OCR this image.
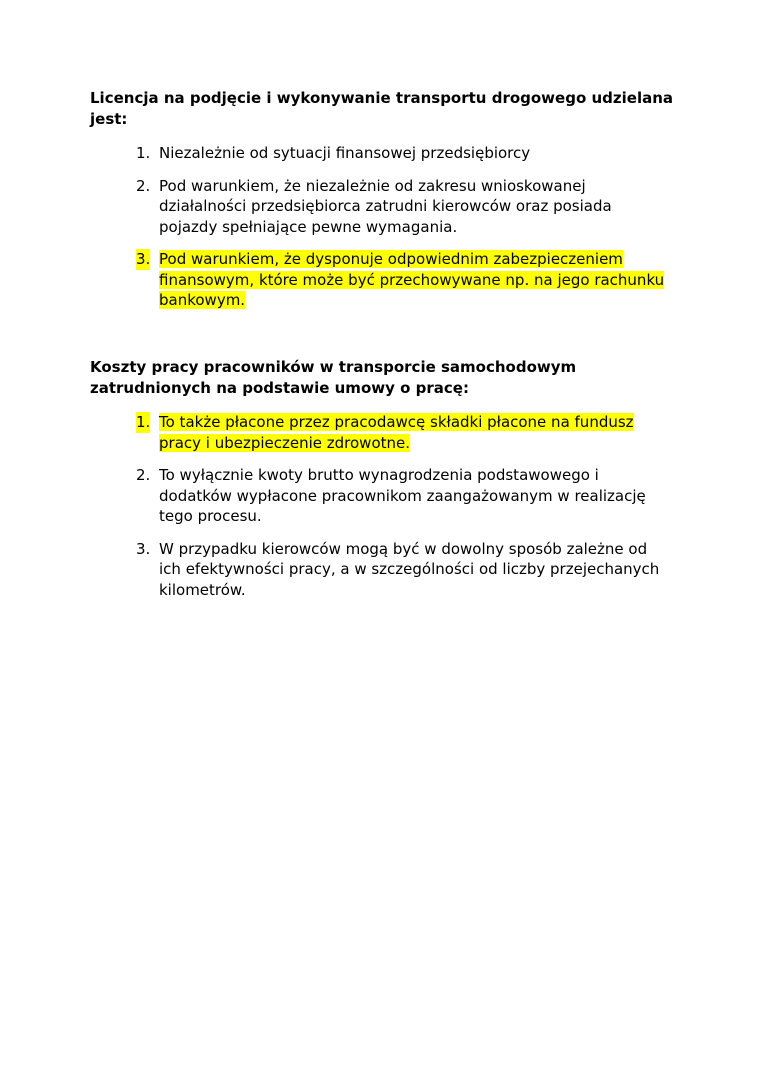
Licencja na podjęcie i wykonywanie transportu drogowego udzielana jest:
1. Niezależnie od sytuacji finansowej przedsiębiorcy
2. Pod warunkiem, że niezależnie od zakresu wnioskowanej działalności przedsiębiorca zatrudni kierowców oraz posiada pojazdy spełniające pewne wymagania.
3. Pod warunkiem, że dysponuje odpowiednim zabezpieczeniem finansowym, które może być przechowywane np. na jego rachunku bankowym.
Koszty pracy pracowników w transporcie samochodowym zatrudnionych na podstawie umowy o pracę:
1. To także płacone przez pracodawcę składki płacone na fundusz pracy i ubezpieczenie zdrowotne.
2. To wyłącznie kwoty brutto wynagrodzenia podstawowego i dodatków wypłacone pracownikom zaangażowanym w realizację tego procesu.
3. W przypadku kierowców mogą być w dowolny sposób zależne od ich efektywności pracy, a w szczególności od liczby przejechanych kilometrów.
